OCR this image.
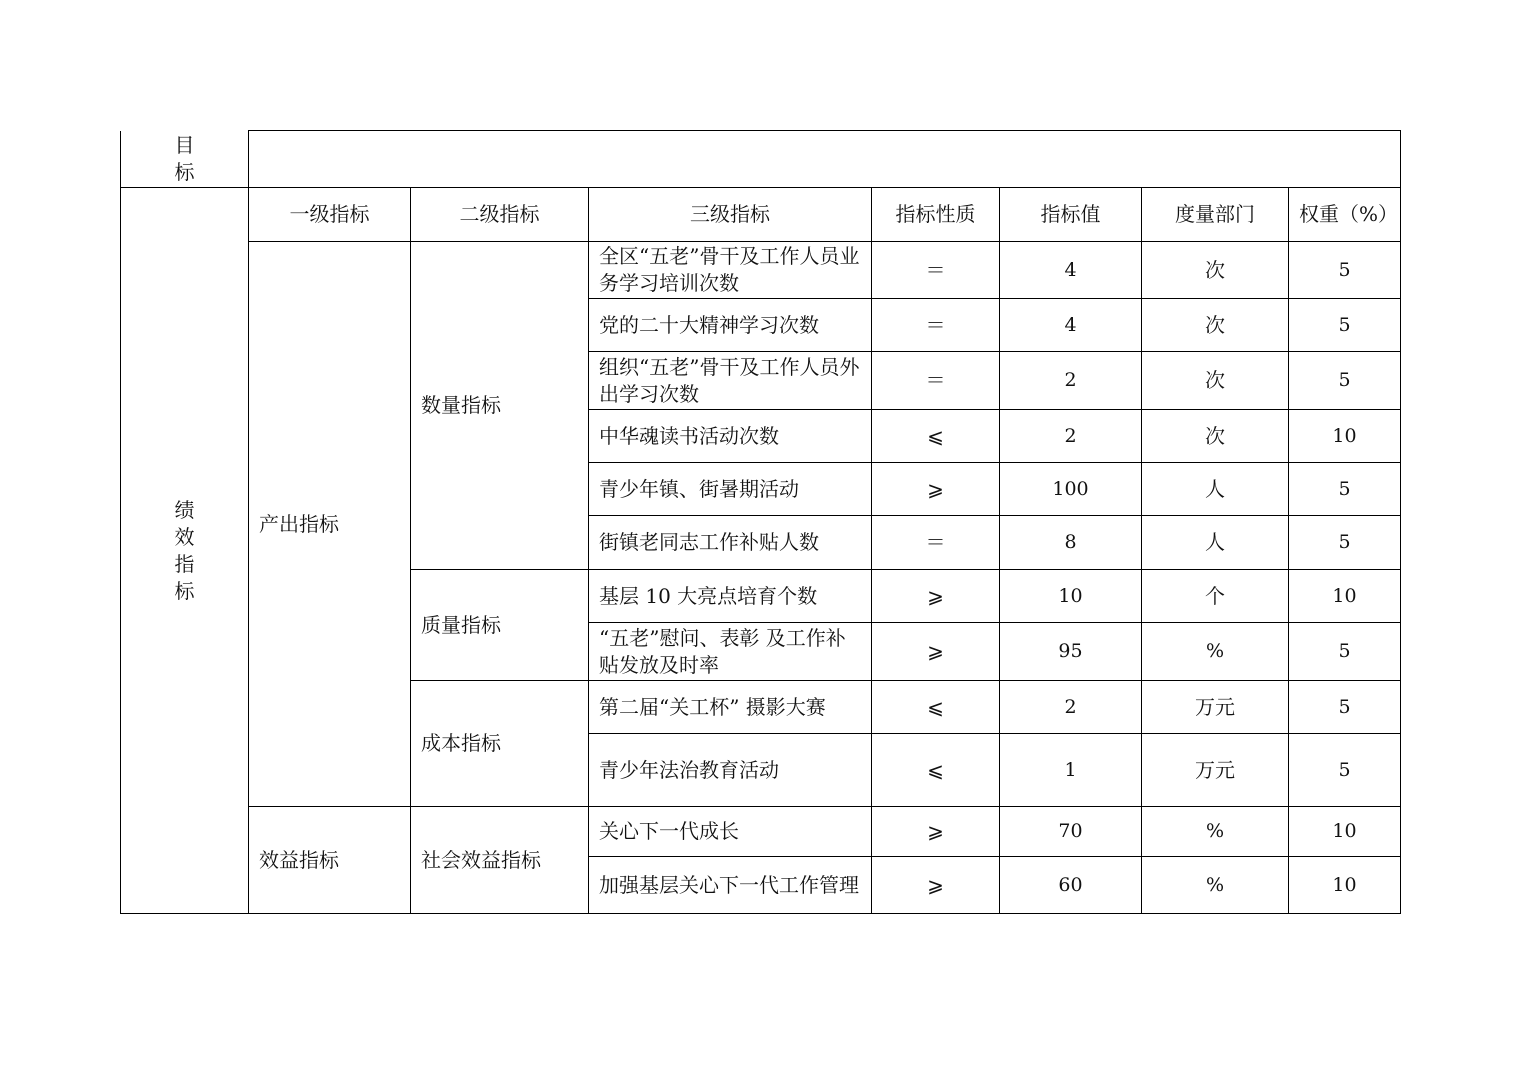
目
标							

绩
效
指
标	一级指标	二级指标	三级指标	指标性质	指标值	度量部门	权重（%）
	产出指标	数量指标	全区“五老”骨干及工作人员业务学习培训次数	＝	4	次	5
			党的二十大精神学习次数	＝	4	次	5
			组织“五老”骨干及工作人员外出学习次数	＝	2	次	5
			中华魂读书活动次数	⩽	2	次	10
			青少年镇、街暑期活动	⩾	100	人	5
			街镇老同志工作补贴人数	＝	8	人	5
		质量指标	基层 10 大亮点培育个数	⩾	10	个	10
			“五老”慰问、表彰 及工作补贴发放及时率	⩾	95	%	5
		成本指标	第二届“关工杯” 摄影大赛	⩽	2	万元	5
			青少年法治教育活动	⩽	1	万元	5
	效益指标	社会效益指标	关心下一代成长	⩾	70	%	10
			加强基层关心下一代工作管理	⩾	60	%	10
